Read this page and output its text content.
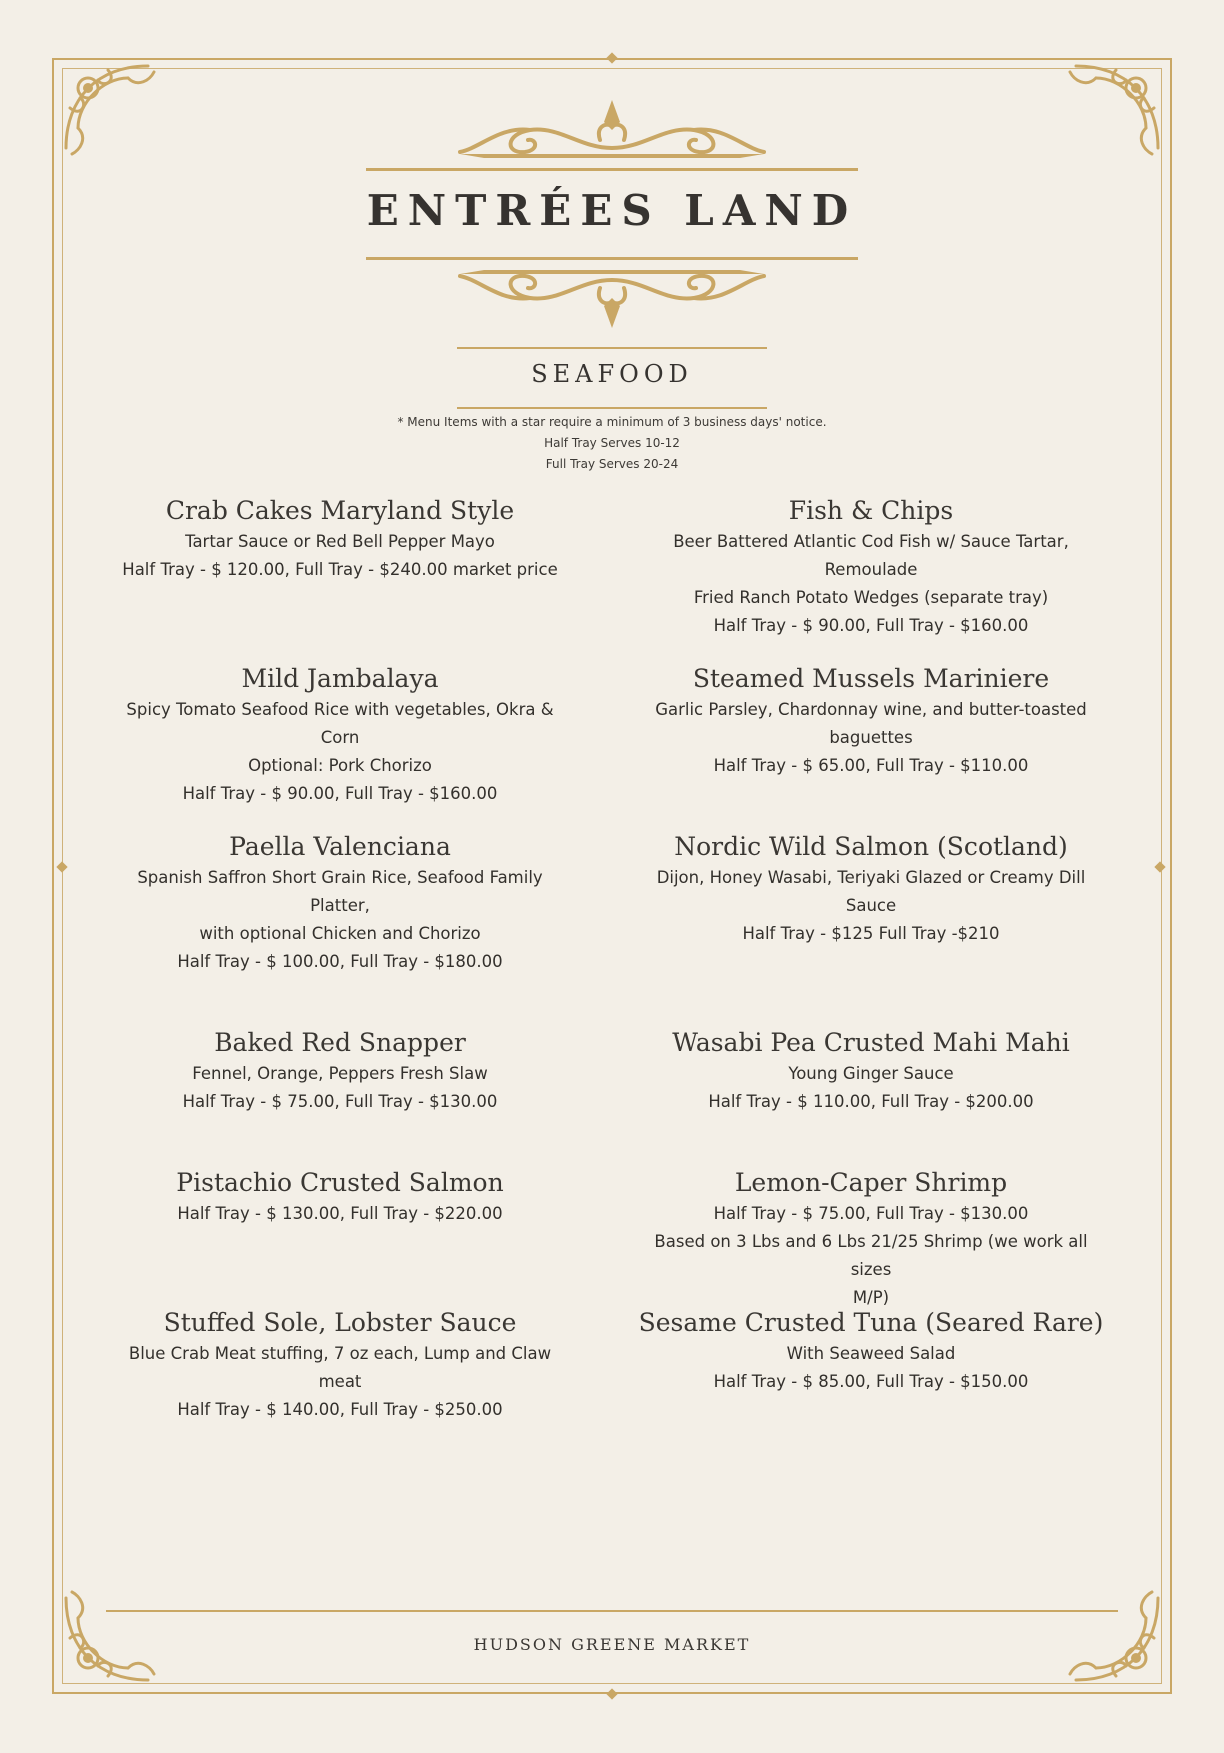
ENTRÉES LAND
SEAFOOD
* Menu Items with a star require a minimum of 3 business days' notice.
Half Tray Serves 10-12
Full Tray Serves 20-24
Crab Cakes Maryland Style
Tartar Sauce or Red Bell Pepper Mayo
Half Tray - $ 120.00, Full Tray - $240.00 market price
Mild Jambalaya
Spicy Tomato Seafood Rice with vegetables, Okra &
Corn
Optional: Pork Chorizo
Half Tray - $ 90.00, Full Tray - $160.00
Paella Valenciana
Spanish Saffron Short Grain Rice, Seafood Family
Platter,
with optional Chicken and Chorizo
Half Tray - $ 100.00, Full Tray - $180.00
Baked Red Snapper
Fennel, Orange, Peppers Fresh Slaw
Half Tray - $ 75.00, Full Tray - $130.00
Pistachio Crusted Salmon
Half Tray - $ 130.00, Full Tray - $220.00
Stuffed Sole, Lobster Sauce
Blue Crab Meat stuffing, 7 oz each, Lump and Claw
meat
Half Tray - $ 140.00, Full Tray - $250.00
Fish & Chips
Beer Battered Atlantic Cod Fish w/ Sauce Tartar,
Remoulade
Fried Ranch Potato Wedges (separate tray)
Half Tray - $ 90.00, Full Tray - $160.00
Steamed Mussels Mariniere
Garlic Parsley, Chardonnay wine, and butter-toasted
baguettes
Half Tray - $ 65.00, Full Tray - $110.00
Nordic Wild Salmon (Scotland)
Dijon, Honey Wasabi, Teriyaki Glazed or Creamy Dill
Sauce
Half Tray - $125 Full Tray -$210
Wasabi Pea Crusted Mahi Mahi
Young Ginger Sauce
Half Tray - $ 110.00, Full Tray - $200.00
Lemon-Caper Shrimp
Half Tray - $ 75.00, Full Tray - $130.00
Based on 3 Lbs and 6 Lbs 21/25 Shrimp (we work all sizes
M/P)
Sesame Crusted Tuna (Seared Rare)
With Seaweed Salad
Half Tray - $ 85.00, Full Tray - $150.00
HUDSON GREENE MARKET
